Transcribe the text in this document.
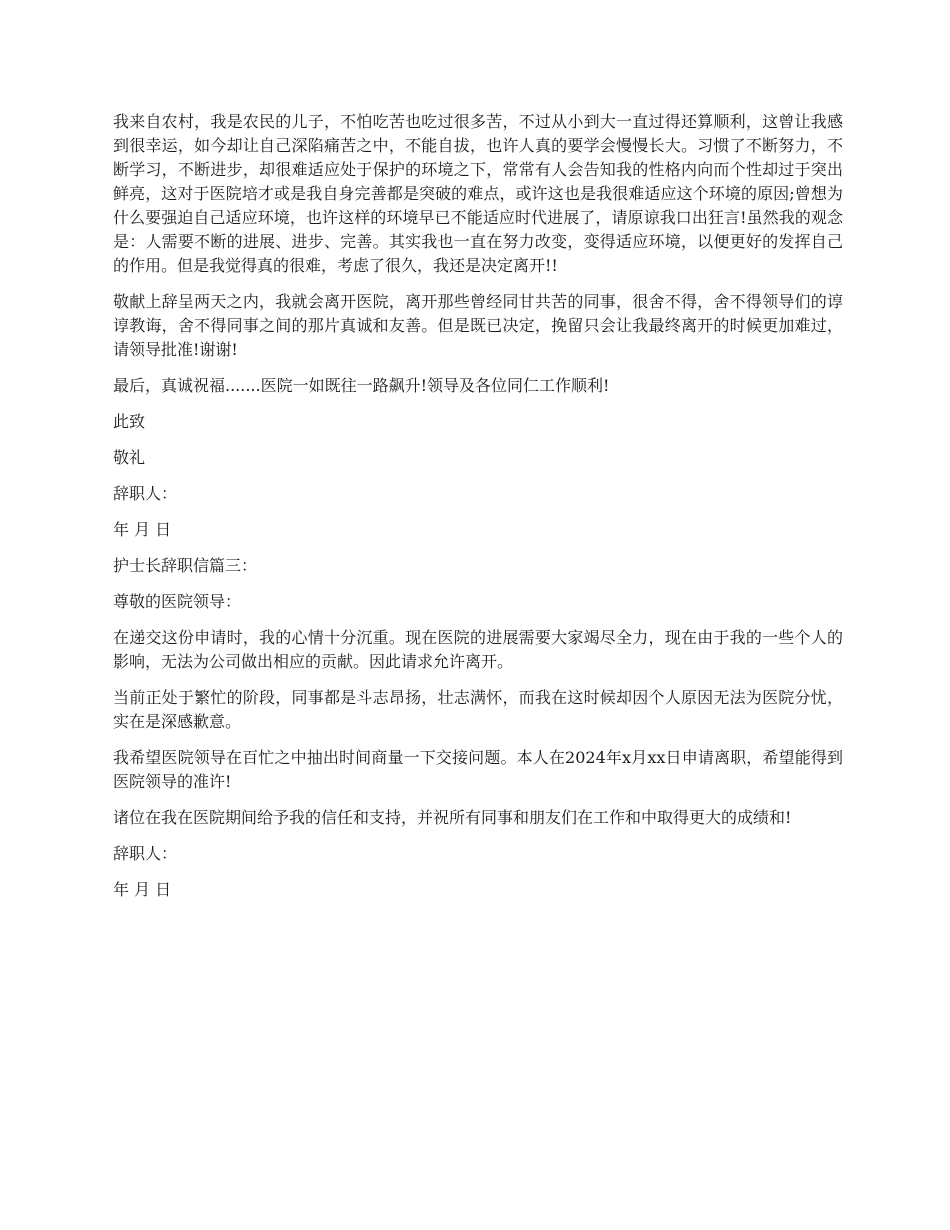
我来自农村，我是农民的儿子，不怕吃苦也吃过很多苦，不过从小到大一直过得还算顺利，这曾让我感到很幸运，如今却让自己深陷痛苦之中，不能自拔，也许人真的要学会慢慢长大。习惯了不断努力，不断学习，不断进步，却很难适应处于保护的环境之下，常常有人会告知我的性格内向而个性却过于突出鲜亮，这对于医院培才或是我自身完善都是突破的难点，或许这也是我很难适应这个环境的原因;曾想为什么要强迫自己适应环境，也许这样的环境早已不能适应时代进展了，请原谅我口出狂言!虽然我的观念是：人需要不断的进展、进步、完善。其实我也一直在努力改变，变得适应环境，以便更好的发挥自己的作用。但是我觉得真的很难，考虑了很久，我还是决定离开!!

敬献上辞呈两天之内，我就会离开医院，离开那些曾经同甘共苦的同事，很舍不得，舍不得领导们的谆谆教诲，舍不得同事之间的那片真诚和友善。但是既已决定，挽留只会让我最终离开的时候更加难过，请领导批准!谢谢!

最后，真诚祝福.......医院一如既往一路飙升!领导及各位同仁工作顺利!

此致

敬礼

辞职人：

年 月 日

护士长辞职信篇三：

尊敬的医院领导：

在递交这份申请时，我的心情十分沉重。现在医院的进展需要大家竭尽全力，现在由于我的一些个人的影响，无法为公司做出相应的贡献。因此请求允许离开。

当前正处于繁忙的阶段，同事都是斗志昂扬，壮志满怀，而我在这时候却因个人原因无法为医院分忧，实在是深感歉意。

我希望医院领导在百忙之中抽出时间商量一下交接问题。本人在2024年x月xx日申请离职，希望能得到医院领导的准许!

诸位在我在医院期间给予我的信任和支持，并祝所有同事和朋友们在工作和中取得更大的成绩和!

辞职人：

年 月 日
